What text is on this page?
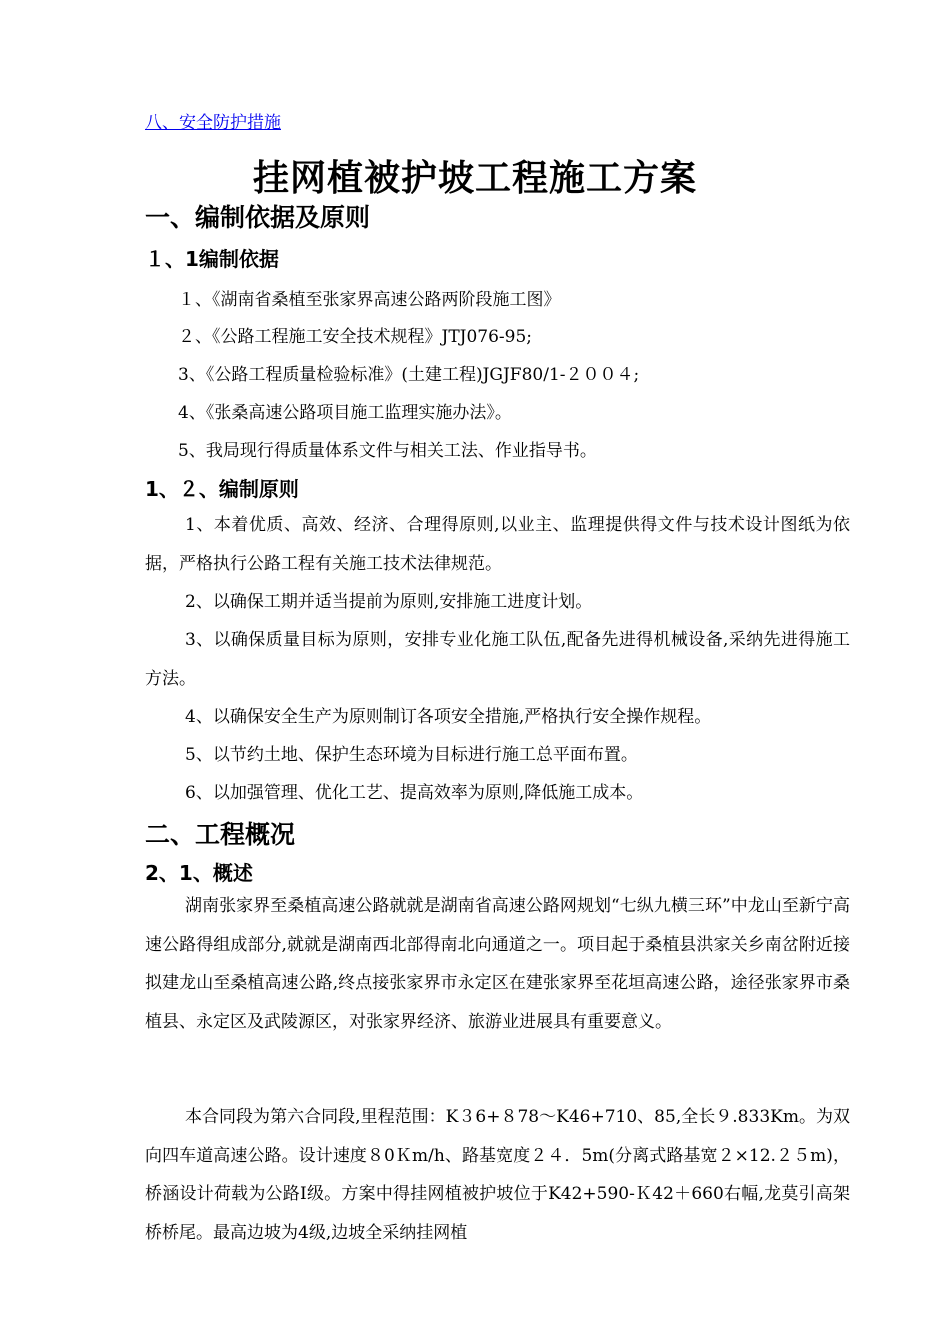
八、安全防护措施
挂网植被护坡工程施工方案
一、编制依据及原则
１、1编制依据
１、《湖南省桑植至张家界高速公路两阶段施工图》
２、《公路工程施工安全技术规程》JTJ076-95;
3、《公路工程质量检验标准》(土建工程)JGJF80/1-２００４;
4、《张桑高速公路项目施工监理实施办法》。
5、我局现行得质量体系文件与相关工法、作业指导书。
1、２、编制原则
1、本着优质、高效、经济、合理得原则,以业主、监理提供得文件与技术设计图纸为依据，严格执行公路工程有关施工技术法律规范。
2、以确保工期并适当提前为原则,安排施工进度计划。
3、以确保质量目标为原则，安排专业化施工队伍,配备先进得机械设备,采纳先进得施工方法。
4、以确保安全生产为原则制订各项安全措施,严格执行安全操作规程。
5、以节约土地、保护生态环境为目标进行施工总平面布置。
6、以加强管理、优化工艺、提高效率为原则,降低施工成本。
二、工程概况
2、1、概述
湖南张家界至桑植高速公路就就是湖南省高速公路网规划“七纵九横三环”中龙山至新宁高速公路得组成部分,就就是湖南西北部得南北向通道之一。项目起于桑植县洪家关乡南岔附近接拟建龙山至桑植高速公路,终点接张家界市永定区在建张家界至花垣高速公路，途径张家界市桑植县、永定区及武陵源区，对张家界经济、旅游业进展具有重要意义。
本合同段为第六合同段,里程范围：K３6+８78～K46+710、85,全长９.833Km。为双向四车道高速公路。设计速度８0Ｋm/h、路基宽度２４．5m(分离式路基宽２×12.２５m)，桥涵设计荷载为公路Ⅰ级。方案中得挂网植被护坡位于K42+590-Ｋ42＋660右幅,龙莫引高架桥桥尾。最高边坡为4级,边坡全采纳挂网植
